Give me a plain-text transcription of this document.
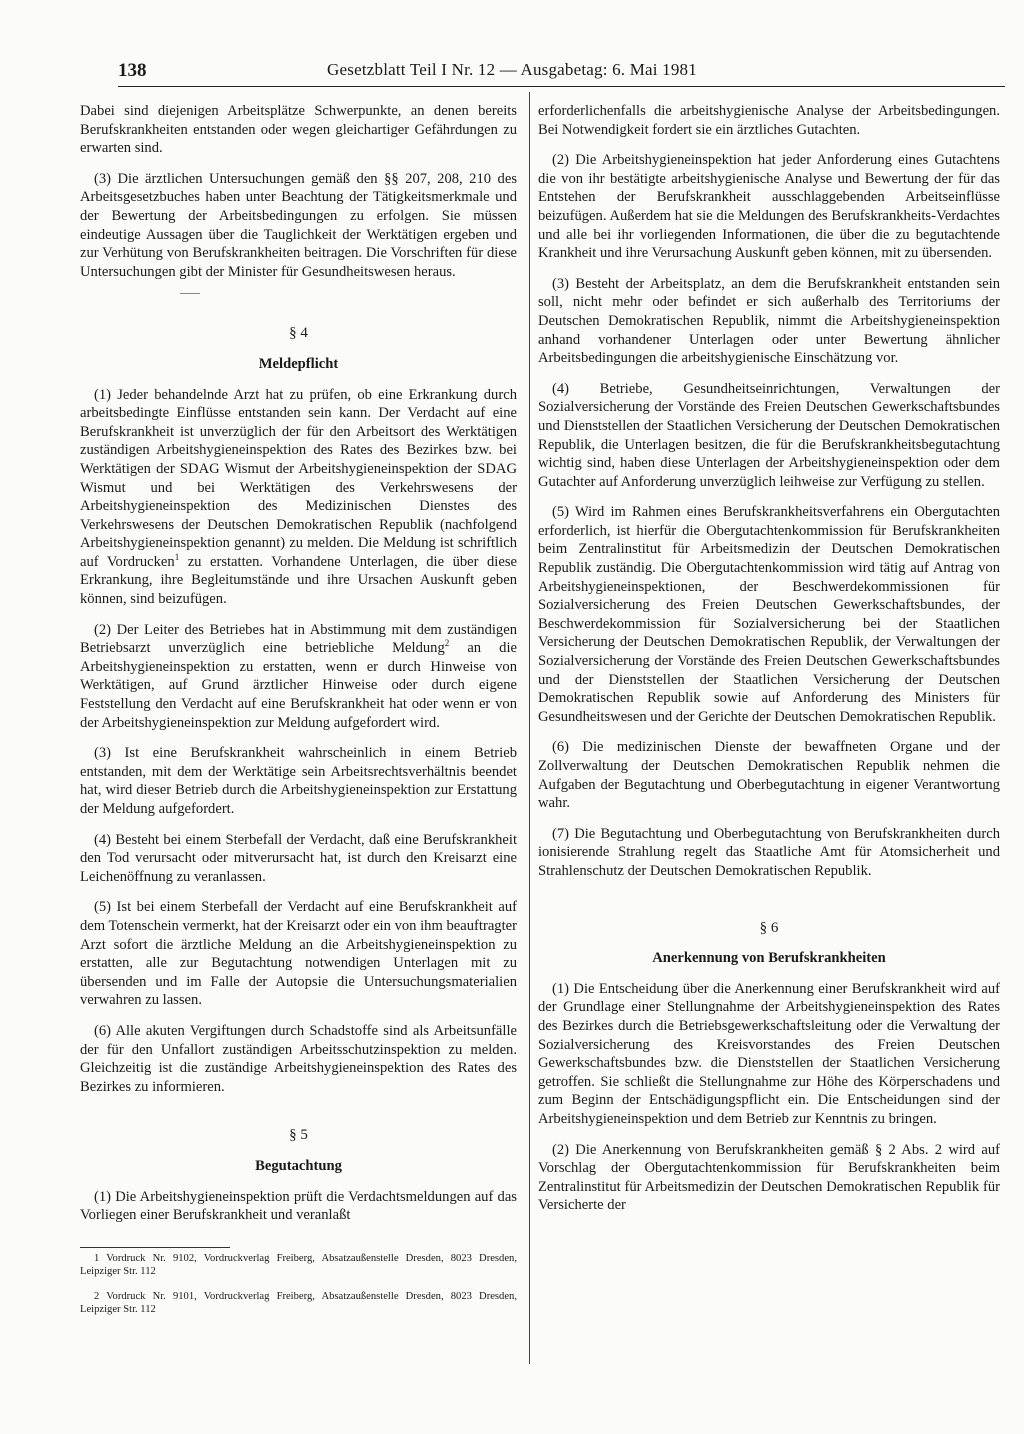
138	Gesetzblatt Teil I Nr. 12 — Ausgabetag: 6. Mai 1981

Dabei sind diejenigen Arbeitsplätze Schwerpunkte, an denen bereits Berufskrankheiten entstanden oder wegen gleichartiger Gefährdungen zu erwarten sind.

(3) Die ärztlichen Untersuchungen gemäß den §§ 207, 208, 210 des Arbeitsgesetzbuches haben unter Beachtung der Tätigkeitsmerkmale und der Bewertung der Arbeitsbedingungen zu erfolgen. Sie müssen eindeutige Aussagen über die Tauglichkeit der Werktätigen ergeben und zur Verhütung von Berufskrankheiten beitragen. Die Vorschriften für diese Untersuchungen gibt der Minister für Gesundheitswesen heraus.

§ 4
Meldepflicht

(1) Jeder behandelnde Arzt hat zu prüfen, ob eine Erkrankung durch arbeitsbedingte Einflüsse entstanden sein kann. Der Verdacht auf eine Berufskrankheit ist unverzüglich der für den Arbeitsort des Werktätigen zuständigen Arbeitshygieneinspektion des Rates des Bezirkes bzw. bei Werktätigen der SDAG Wismut der Arbeitshygieneinspektion der SDAG Wismut und bei Werktätigen des Verkehrswesens der Arbeitshygieneinspektion des Medizinischen Dienstes des Verkehrswesens der Deutschen Demokratischen Republik (nachfolgend Arbeitshygieneinspektion genannt) zu melden. Die Meldung ist schriftlich auf Vordrucken$^1$ zu erstatten. Vorhandene Unterlagen, die über diese Erkrankung, ihre Begleitumstände und ihre Ursachen Auskunft geben können, sind beizufügen.

(2) Der Leiter des Betriebes hat in Abstimmung mit dem zuständigen Betriebsarzt unverzüglich eine betriebliche Meldung$^2$ an die Arbeitshygieneinspektion zu erstatten, wenn er durch Hinweise von Werktätigen, auf Grund ärztlicher Hinweise oder durch eigene Feststellung den Verdacht auf eine Berufskrankheit hat oder wenn er von der Arbeitshygieneinspektion zur Meldung aufgefordert wird.

(3) Ist eine Berufskrankheit wahrscheinlich in einem Betrieb entstanden, mit dem der Werktätige sein Arbeitsrechtsverhältnis beendet hat, wird dieser Betrieb durch die Arbeitshygieneinspektion zur Erstattung der Meldung aufgefordert.

(4) Besteht bei einem Sterbefall der Verdacht, daß eine Berufskrankheit den Tod verursacht oder mitverursacht hat, ist durch den Kreisarzt eine Leichenöffnung zu veranlassen.

(5) Ist bei einem Sterbefall der Verdacht auf eine Berufskrankheit auf dem Totenschein vermerkt, hat der Kreisarzt oder ein von ihm beauftragter Arzt sofort die ärztliche Meldung an die Arbeitshygieneinspektion zu erstatten, alle zur Begutachtung notwendigen Unterlagen mit zu übersenden und im Falle der Autopsie die Untersuchungsmaterialien verwahren zu lassen.

(6) Alle akuten Vergiftungen durch Schadstoffe sind als Arbeitsunfälle der für den Unfallort zuständigen Arbeitsschutzinspektion zu melden. Gleichzeitig ist die zuständige Arbeitshygieneinspektion des Rates des Bezirkes zu informieren.

§ 5
Begutachtung

(1) Die Arbeitshygieneinspektion prüft die Verdachtsmeldungen auf das Vorliegen einer Berufskrankheit und veranlaßt

1 Vordruck Nr. 9102, Vordruckverlag Freiberg, Absatzaußenstelle Dresden, 8023 Dresden, Leipziger Str. 112

2 Vordruck Nr. 9101, Vordruckverlag Freiberg, Absatzaußenstelle Dresden, 8023 Dresden, Leipziger Str. 112

erforderlichenfalls die arbeitshygienische Analyse der Arbeitsbedingungen. Bei Notwendigkeit fordert sie ein ärztliches Gutachten.

(2) Die Arbeitshygieneinspektion hat jeder Anforderung eines Gutachtens die von ihr bestätigte arbeitshygienische Analyse und Bewertung der für das Entstehen der Berufskrankheit ausschlaggebenden Arbeitseinflüsse beizufügen. Außerdem hat sie die Meldungen des Berufskrankheits-Verdachtes und alle bei ihr vorliegenden Informationen, die über die zu begutachtende Krankheit und ihre Verursachung Auskunft geben können, mit zu übersenden.

(3) Besteht der Arbeitsplatz, an dem die Berufskrankheit entstanden sein soll, nicht mehr oder befindet er sich außerhalb des Territoriums der Deutschen Demokratischen Republik, nimmt die Arbeitshygieneinspektion anhand vorhandener Unterlagen oder unter Bewertung ähnlicher Arbeitsbedingungen die arbeitshygienische Einschätzung vor.

(4) Betriebe, Gesundheitseinrichtungen, Verwaltungen der Sozialversicherung der Vorstände des Freien Deutschen Gewerkschaftsbundes und Dienststellen der Staatlichen Versicherung der Deutschen Demokratischen Republik, die Unterlagen besitzen, die für die Berufskrankheitsbegutachtung wichtig sind, haben diese Unterlagen der Arbeitshygieneinspektion oder dem Gutachter auf Anforderung unverzüglich leihweise zur Verfügung zu stellen.

(5) Wird im Rahmen eines Berufskrankheitsverfahrens ein Obergutachten erforderlich, ist hierfür die Obergutachtenkommission für Berufskrankheiten beim Zentralinstitut für Arbeitsmedizin der Deutschen Demokratischen Republik zuständig. Die Obergutachtenkommission wird tätig auf Antrag von Arbeitshygieneinspektionen, der Beschwerdekommissionen für Sozialversicherung des Freien Deutschen Gewerkschaftsbundes, der Beschwerdekommission für Sozialversicherung bei der Staatlichen Versicherung der Deutschen Demokratischen Republik, der Verwaltungen der Sozialversicherung der Vorstände des Freien Deutschen Gewerkschaftsbundes und der Dienststellen der Staatlichen Versicherung der Deutschen Demokratischen Republik sowie auf Anforderung des Ministers für Gesundheitswesen und der Gerichte der Deutschen Demokratischen Republik.

(6) Die medizinischen Dienste der bewaffneten Organe und der Zollverwaltung der Deutschen Demokratischen Republik nehmen die Aufgaben der Begutachtung und Oberbegutachtung in eigener Verantwortung wahr.

(7) Die Begutachtung und Oberbegutachtung von Berufskrankheiten durch ionisierende Strahlung regelt das Staatliche Amt für Atomsicherheit und Strahlenschutz der Deutschen Demokratischen Republik.

§ 6
Anerkennung von Berufskrankheiten

(1) Die Entscheidung über die Anerkennung einer Berufskrankheit wird auf der Grundlage einer Stellungnahme der Arbeitshygieneinspektion des Rates des Bezirkes durch die Betriebsgewerkschaftsleitung oder die Verwaltung der Sozialversicherung des Kreisvorstandes des Freien Deutschen Gewerkschaftsbundes bzw. die Dienststellen der Staatlichen Versicherung getroffen. Sie schließt die Stellungnahme zur Höhe des Körperschadens und zum Beginn der Entschädigungspflicht ein. Die Entscheidungen sind der Arbeitshygieneinspektion und dem Betrieb zur Kenntnis zu bringen.

(2) Die Anerkennung von Berufskrankheiten gemäß § 2 Abs. 2 wird auf Vorschlag der Obergutachtenkommission für Berufskrankheiten beim Zentralinstitut für Arbeitsmedizin der Deutschen Demokratischen Republik für Versicherte der
